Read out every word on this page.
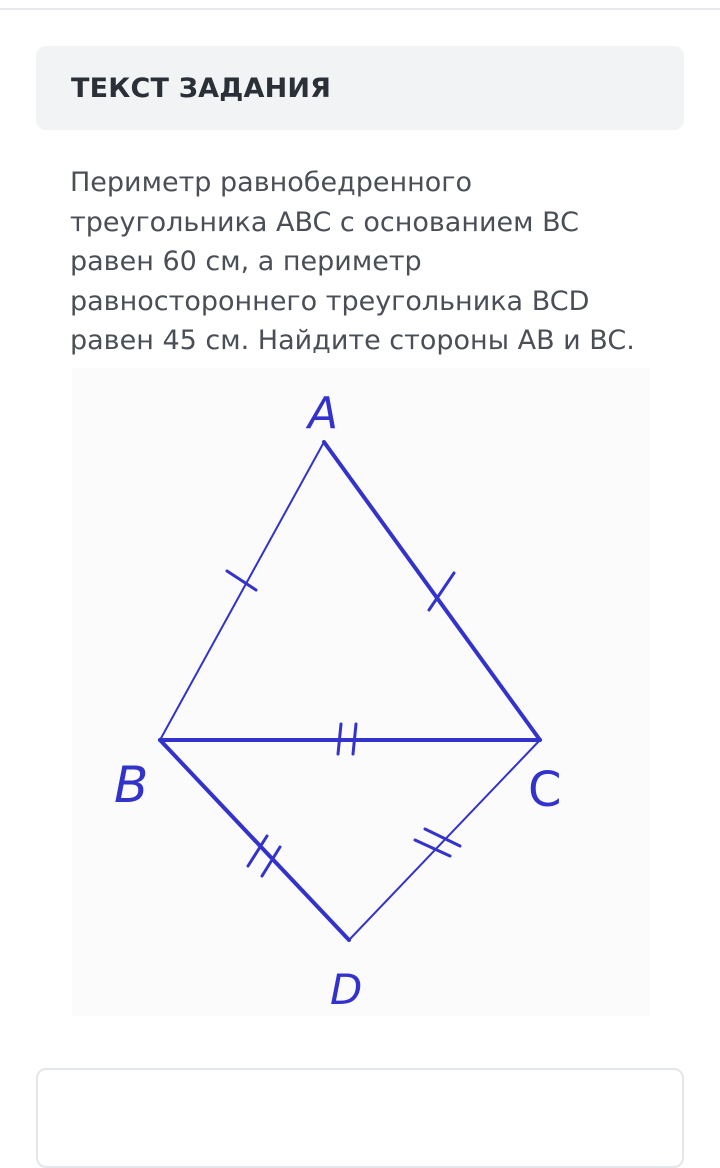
ТЕКСТ ЗАДАНИЯ

Периметр равнобедренного треугольника ABC с основанием BC равен 60 см, а периметр равностороннего треугольника BCD равен 45 см. Найдите стороны AB и BC.

A
B	C
D
